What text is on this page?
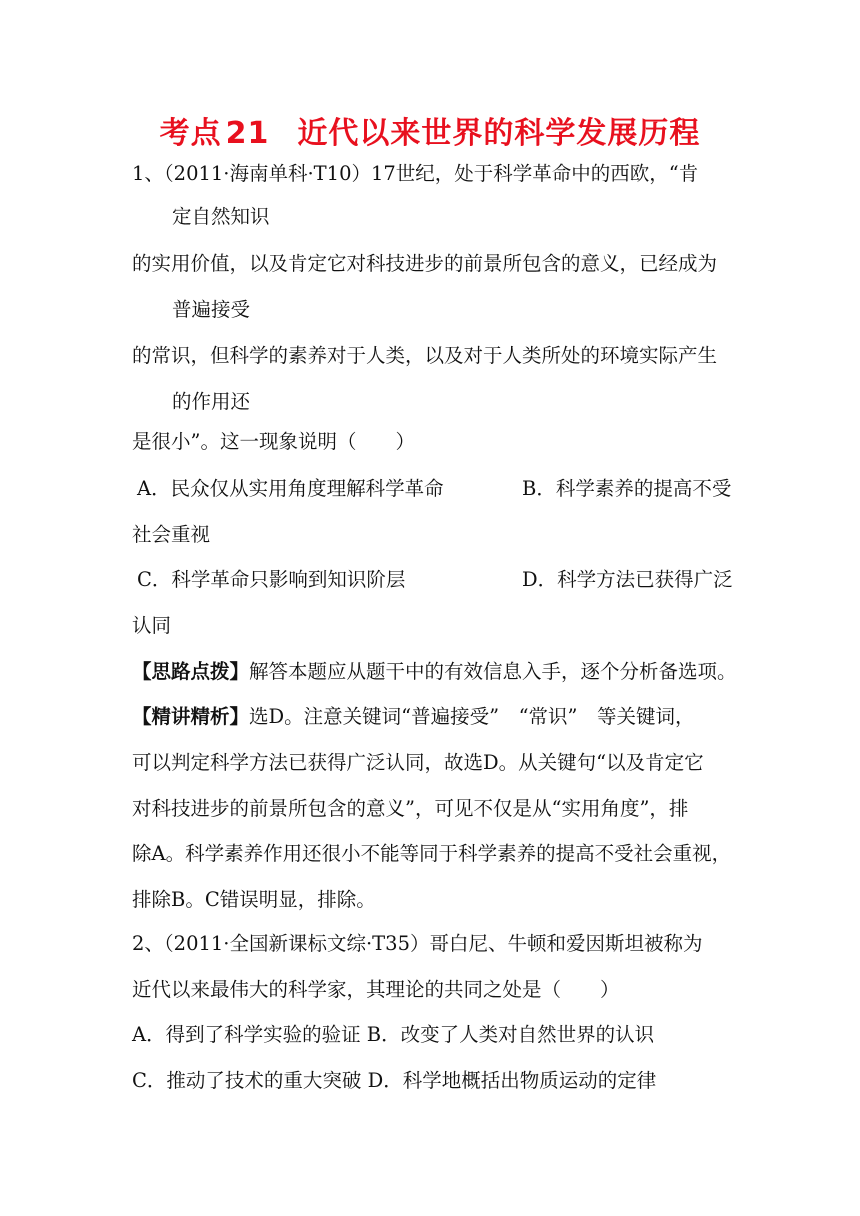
考点 21 近代以来世界的科学发展历程
1、（2011·海南单科·T10）17世纪，处于科学革命中的西欧，“肯
定自然知识
的实用价值，以及肯定它对科技进步的前景所包含的意义，已经成为
普遍接受
的常识，但科学的素养对于人类，以及对于人类所处的环境实际产生
的作用还
是很小”。这一现象说明（　　）
A．民众仅从实用角度理解科学革命	B．科学素养的提高不受
社会重视
C．科学革命只影响到知识阶层	D．科学方法已获得广泛
认同
【思路点拨】解答本题应从题干中的有效信息入手，逐个分析备选项。
【精讲精析】选D。注意关键词“普遍接受”　“常识”　等关键词，
可以判定科学方法已获得广泛认同，故选D。从关键句“以及肯定它
对科技进步的前景所包含的意义”，可见不仅是从“实用角度”，排
除A。科学素养作用还很小不能等同于科学素养的提高不受社会重视，
排除B。C错误明显，排除。
2、（2011·全国新课标文综·T35）哥白尼、牛顿和爱因斯坦被称为
近代以来最伟大的科学家，其理论的共同之处是（　　）
A．得到了科学实验的验证 B．改变了人类对自然世界的认识
C．推动了技术的重大突破 D．科学地概括出物质运动的定律
